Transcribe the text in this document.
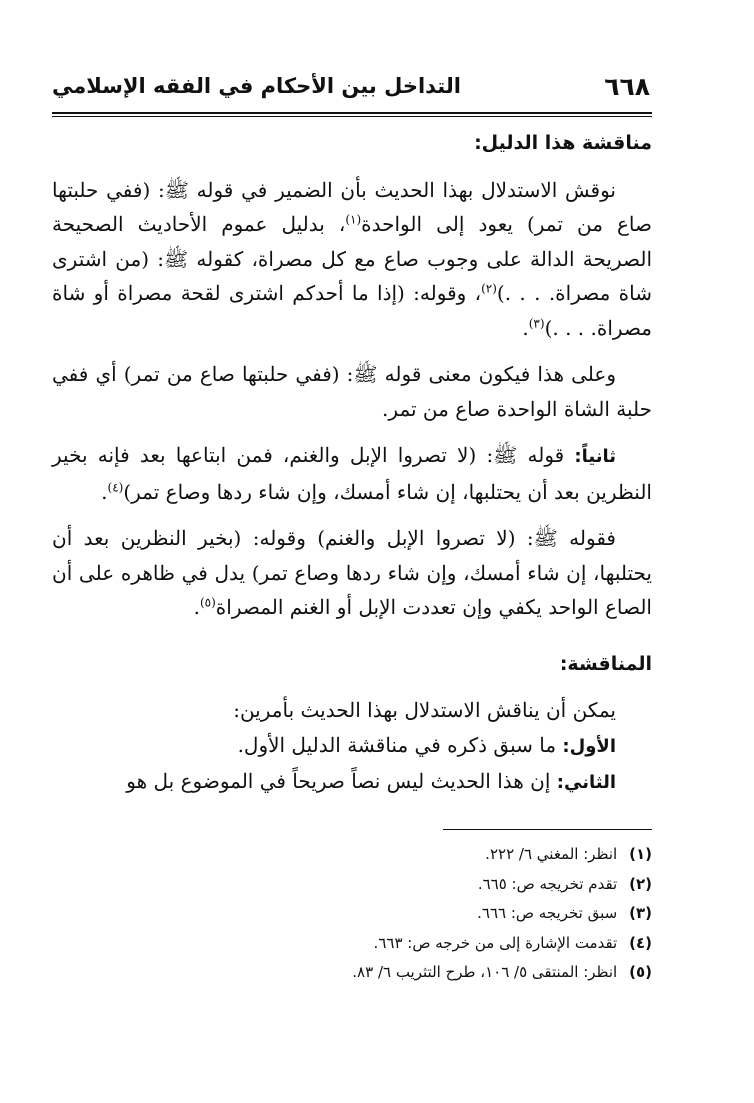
٦٦٨
التداخل بين الأحكام في الفقه الإسلامي

مناقشة هذا الدليل:

نوقش الاستدلال بهذا الحديث بأن الضمير في قوله ﷺ: (ففي حلبتها صاع من تمر) يعود إلى الواحدة$^{(١)}$، بدليل عموم الأحاديث الصحيحة الصريحة الدالة على وجوب صاع مع كل مصراة، كقوله ﷺ: (من اشترى شاة مصراة. . . .)$^{(٢)}$، وقوله: (إذا ما أحدكم اشترى لقحة مصراة أو شاة مصراة. . . .)$^{(٣)}$.

وعلى هذا فيكون معنى قوله ﷺ: (ففي حلبتها صاع من تمر) أي ففي حلبة الشاة الواحدة صاع من تمر.

ثانياً: قوله ﷺ: (لا تصروا الإبل والغنم، فمن ابتاعها بعد فإنه بخير النظرين بعد أن يحتلبها، إن شاء أمسك، وإن شاء ردها وصاع تمر)$^{(٤)}$.

فقوله ﷺ: (لا تصروا الإبل والغنم) وقوله: (بخير النظرين بعد أن يحتلبها، إن شاء أمسك، وإن شاء ردها وصاع تمر) يدل في ظاهره على أن الصاع الواحد يكفي وإن تعددت الإبل أو الغنم المصراة$^{(٥)}$.

المناقشة:

يمكن أن يناقش الاستدلال بهذا الحديث بأمرين:

الأول: ما سبق ذكره في مناقشة الدليل الأول.

الثاني: إن هذا الحديث ليس نصاً صريحاً في الموضوع بل هو

(١) انظر: المغني ٦/ ٢٢٢.
(٢) تقدم تخريجه ص: ٦٦٥.
(٣) سبق تخريجه ص: ٦٦٦.
(٤) تقدمت الإشارة إلى من خرجه ص: ٦٦٣.
(٥) انظر: المنتقى ٥/ ١٠٦، طرح التثريب ٦/ ٨٣.
